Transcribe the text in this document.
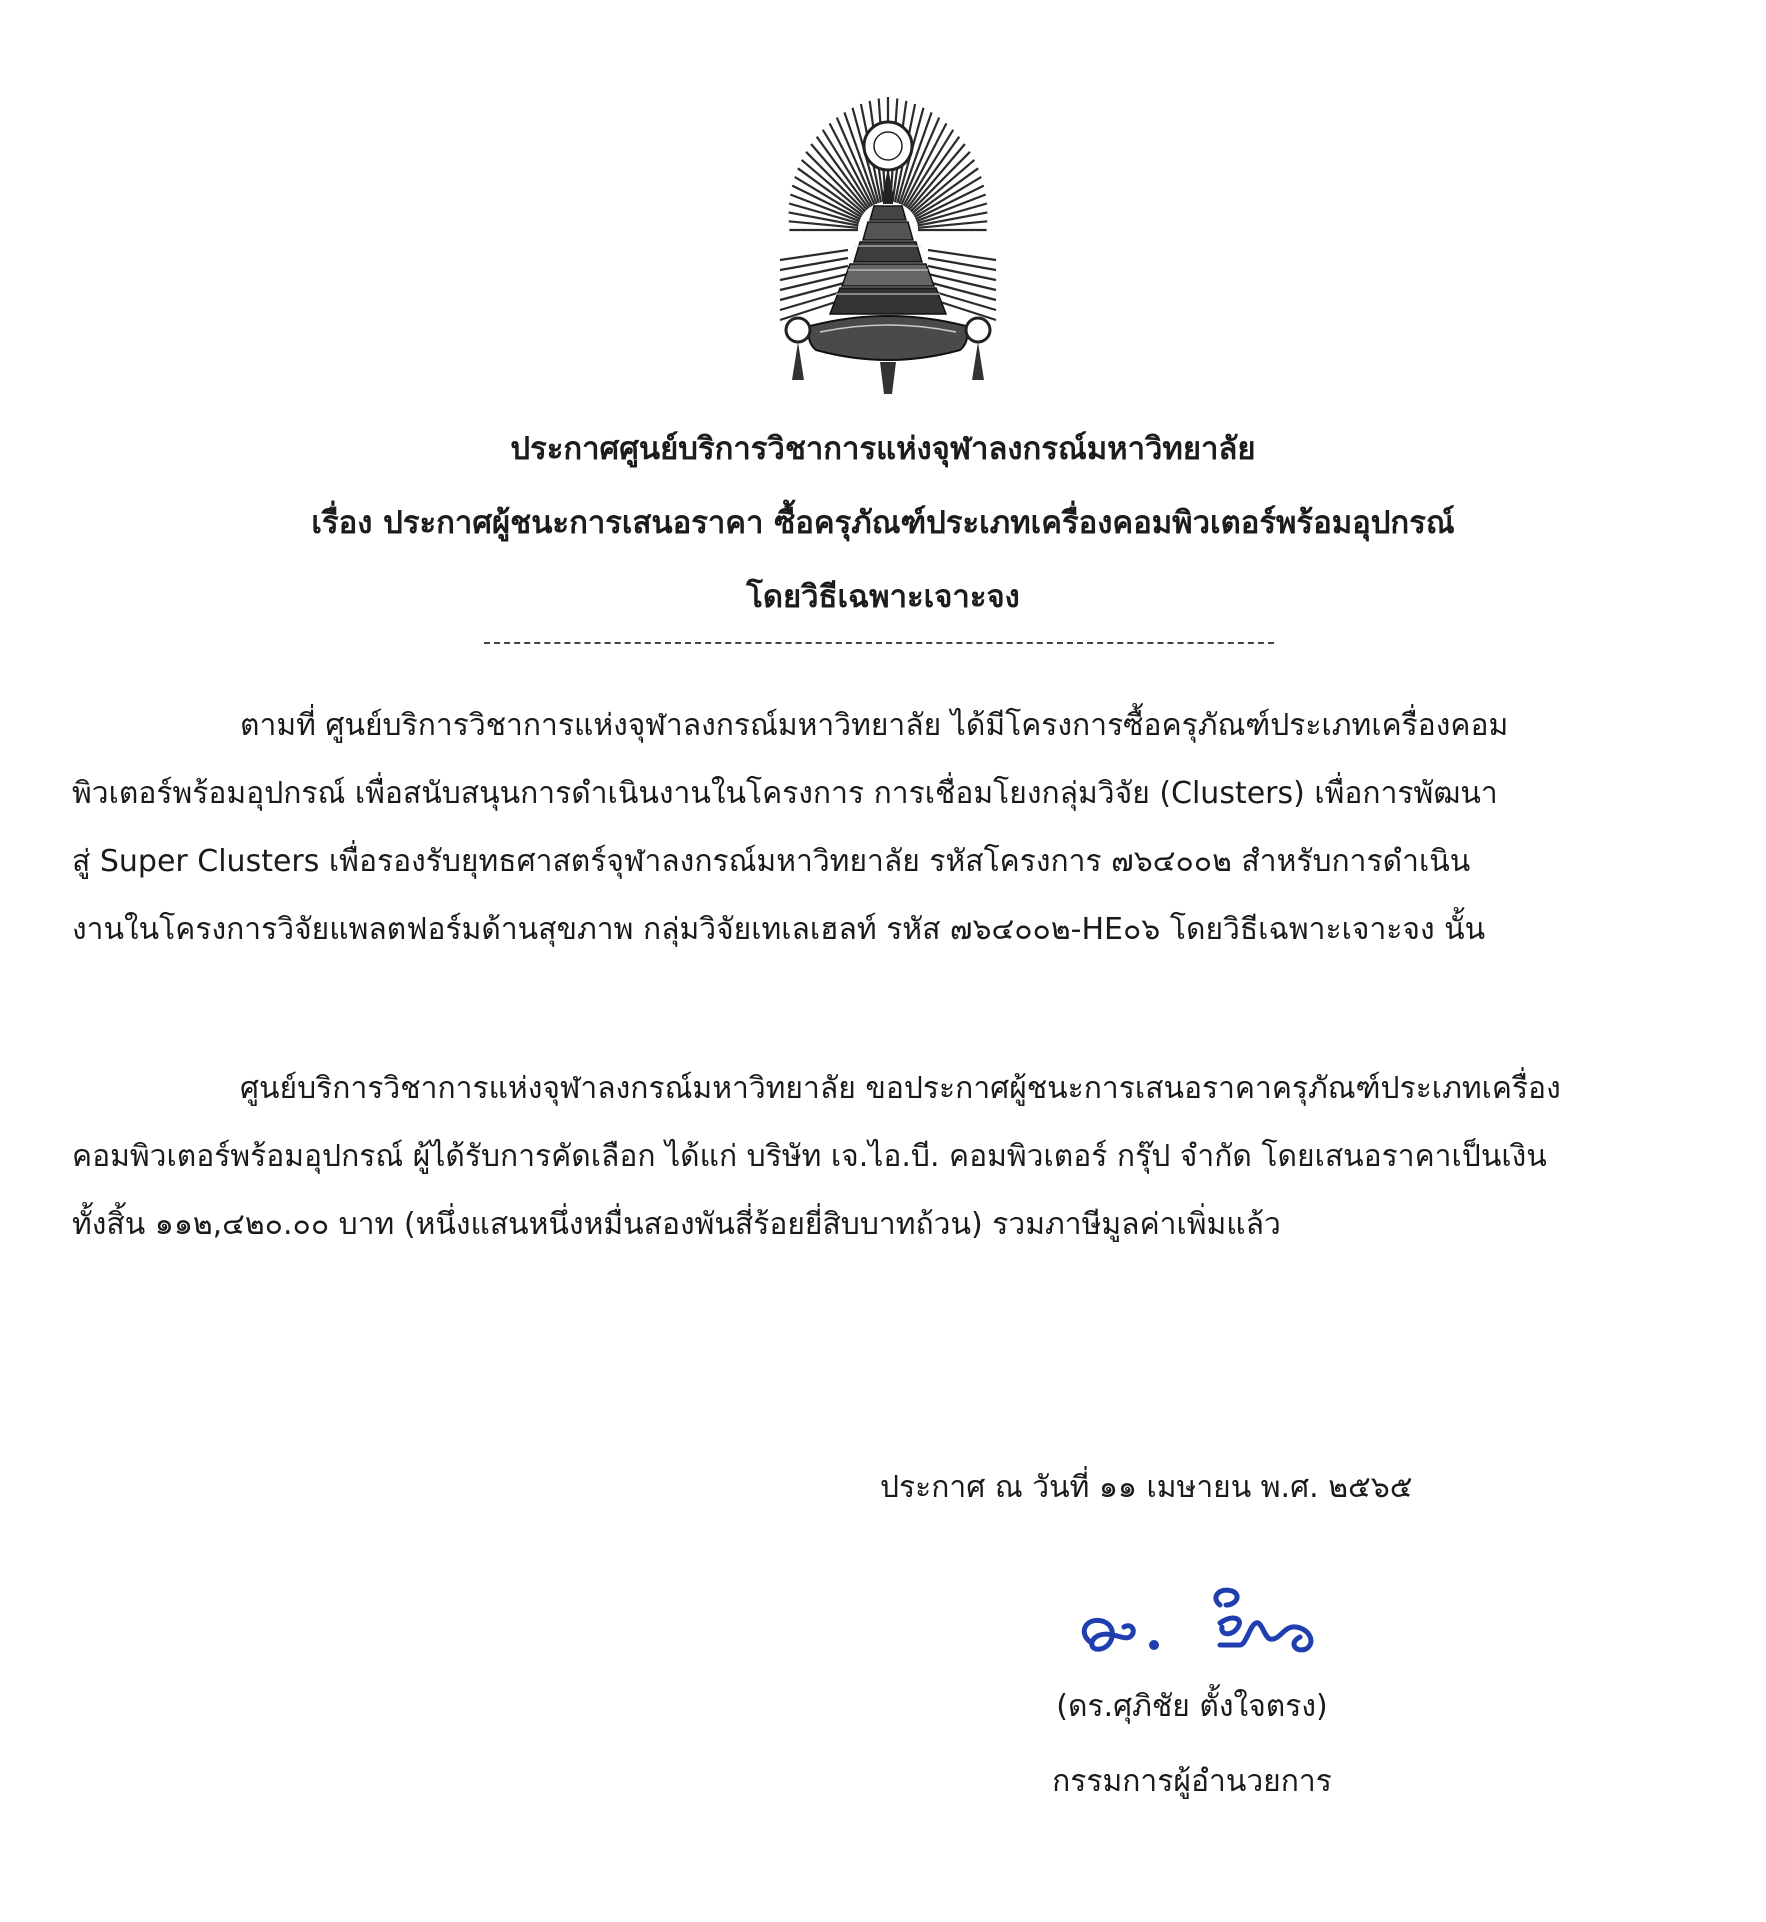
ประกาศศูนย์บริการวิชาการแห่งจุฬาลงกรณ์มหาวิทยาลัย
เรื่อง ประกาศผู้ชนะการเสนอราคา ซื้อครุภัณฑ์ประเภทเครื่องคอมพิวเตอร์พร้อมอุปกรณ์
โดยวิธีเฉพาะเจาะจง
ตามที่ ศูนย์บริการวิชาการแห่งจุฬาลงกรณ์มหาวิทยาลัย ได้มีโครงการซื้อครุภัณฑ์ประเภทเครื่องคอม
พิวเตอร์พร้อมอุปกรณ์ เพื่อสนับสนุนการดำเนินงานในโครงการ การเชื่อมโยงกลุ่มวิจัย (Clusters) เพื่อการพัฒนา
สู่ Super Clusters เพื่อรองรับยุทธศาสตร์จุฬาลงกรณ์มหาวิทยาลัย รหัสโครงการ ๗๖๔๐๐๒ สำหรับการดำเนิน
งานในโครงการวิจัยแพลตฟอร์มด้านสุขภาพ กลุ่มวิจัยเทเลเฮลท์ รหัส ๗๖๔๐๐๒-HE๐๖ โดยวิธีเฉพาะเจาะจง นั้น
ศูนย์บริการวิชาการแห่งจุฬาลงกรณ์มหาวิทยาลัย ขอประกาศผู้ชนะการเสนอราคาครุภัณฑ์ประเภทเครื่อง
คอมพิวเตอร์พร้อมอุปกรณ์ ผู้ได้รับการคัดเลือก ได้แก่ บริษัท เจ.ไอ.บี. คอมพิวเตอร์ กรุ๊ป จำกัด โดยเสนอราคาเป็นเงิน
ทั้งสิ้น ๑๑๒,๔๒๐.๐๐ บาท (หนึ่งแสนหนึ่งหมื่นสองพันสี่ร้อยยี่สิบบาทถ้วน) รวมภาษีมูลค่าเพิ่มแล้ว
ประกาศ ณ วันที่ ๑๑ เมษายน พ.ศ. ๒๕๖๕
(ดร.ศุภิชัย ตั้งใจตรง)
กรรมการผู้อำนวยการ
